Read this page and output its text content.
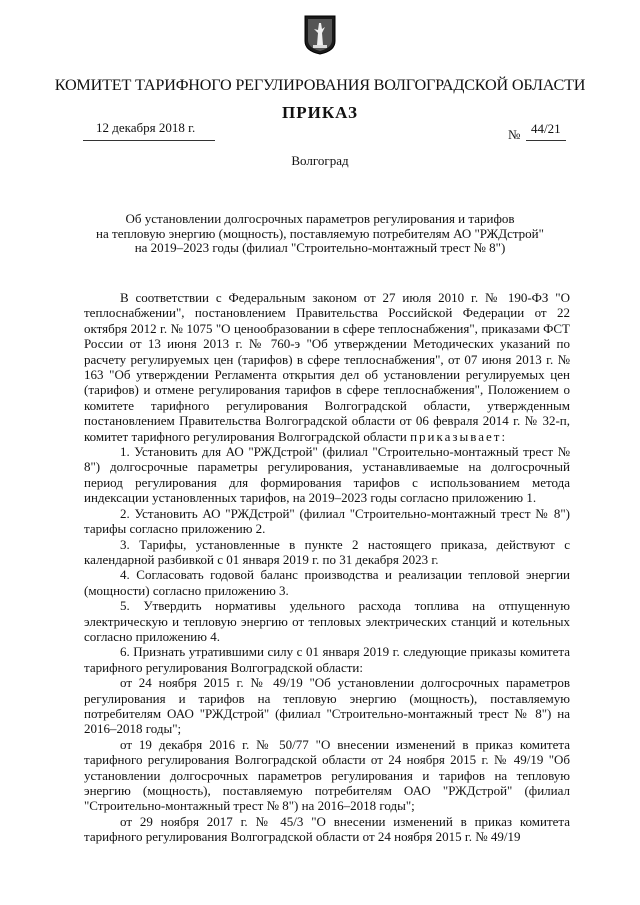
КОМИТЕТ ТАРИФНОГО РЕГУЛИРОВАНИЯ ВОЛГОГРАДСКОЙ ОБЛАСТИ
ПРИКАЗ
12 декабря 2018 г.	№ 44/21
Волгоград
Об установлении долгосрочных параметров регулирования и тарифов
на тепловую энергию (мощность), поставляемую потребителям АО "РЖДстрой"
на 2019–2023 годы (филиал "Строительно-монтажный трест № 8")

В соответствии с Федеральным законом от 27 июля 2010 г. № 190-ФЗ "О теплоснабжении", постановлением Правительства Российской Федерации от 22 октября 2012 г. № 1075 "О ценообразовании в сфере теплоснабжения", приказами ФСТ России от 13 июня 2013 г. № 760-э "Об утверждении Методических указаний по расчету регулируемых цен (тарифов) в сфере теплоснабжения", от 07 июня 2013 г. № 163 "Об утверждении Регламента открытия дел об установлении регулируемых цен (тарифов) и отмене регулирования тарифов в сфере теплоснабжения", Положением о комитете тарифного регулирования Волгоградской области, утвержденным постановлением Правительства Волгоградской области от 06 февраля 2014 г. № 32-п, комитет тарифного регулирования Волгоградской области приказывает:

1. Установить для АО "РЖДстрой" (филиал "Строительно-монтажный трест № 8") долгосрочные параметры регулирования, устанавливаемые на долгосрочный период регулирования для формирования тарифов с использованием метода индексации установленных тарифов, на 2019–2023 годы согласно приложению 1.

2. Установить АО "РЖДстрой" (филиал "Строительно-монтажный трест № 8") тарифы согласно приложению 2.

3. Тарифы, установленные в пункте 2 настоящего приказа, действуют с календарной разбивкой с 01 января 2019 г. по 31 декабря 2023 г.

4. Согласовать годовой баланс производства и реализации тепловой энергии (мощности) согласно приложению 3.

5. Утвердить нормативы удельного расхода топлива на отпущенную электрическую и тепловую энергию от тепловых электрических станций и котельных согласно приложению 4.

6. Признать утратившими силу с 01 января 2019 г. следующие приказы комитета тарифного регулирования Волгоградской области:

от 24 ноября 2015 г. № 49/19 "Об установлении долгосрочных параметров регулирования и тарифов на тепловую энергию (мощность), поставляемую потребителям ОАО "РЖДстрой" (филиал "Строительно-монтажный трест № 8") на 2016–2018 годы";

от 19 декабря 2016 г. № 50/77 "О внесении изменений в приказ комитета тарифного регулирования Волгоградской области от 24 ноября 2015 г. № 49/19 "Об установлении долгосрочных параметров регулирования и тарифов на тепловую энергию (мощность), поставляемую потребителям ОАО "РЖДстрой" (филиал "Строительно-монтажный трест № 8") на 2016–2018 годы";

от 29 ноября 2017 г. № 45/3 "О внесении изменений в приказ комитета тарифного регулирования Волгоградской области от 24 ноября 2015 г. № 49/19
